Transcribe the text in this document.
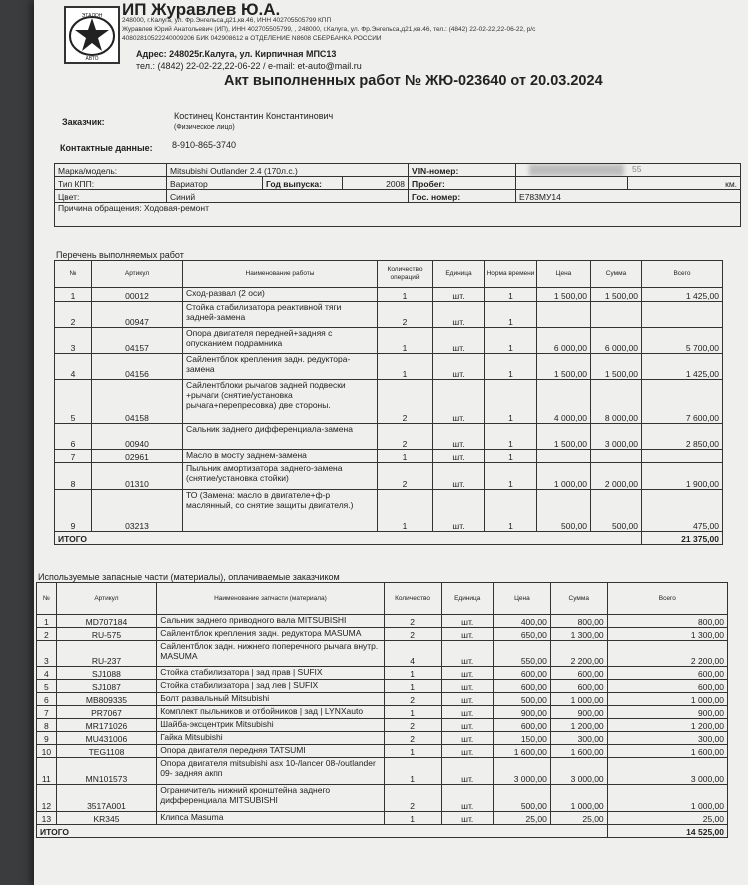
ЭТАЛОН
АВТО
ИП Журавлев Ю.А.
248000, г.Калуга, ул. Фр.Энгельса,д21,кв.46, ИНН 402705505799 КПП
Журавлев Юрий Анатольевич (ИП), ИНН 402705505799, , 248000, г.Калуга, ул. Фр.Энгельса,д21,кв.46, тел.: (4842) 22-02-22,22-06-22, р/с
40802810522240009206 БИК 042908612 в ОТДЕЛЕНИЕ N8608 СБЕРБАНКА РОССИИ
Адрес: 248025г.Калуга, ул. Кирпичная МПС13
тел.: (4842) 22-02-22,22-06-22 / e-mail: et-auto@mail.ru
Акт выполненных работ № ЖЮ-023640 от 20.03.2024
Заказчик:
Костинец Константин Константинович
(Физическое лицо)
Контактные данные: 8-910-865-3740
Марка/модель:	Mitsubishi Outlander 2.4 (170л.с.)			VIN-номер:	55	
Тип КПП:	Вариатор	Год выпуска:	2008	Пробег:		км.
Цвет:	Синий			Гос. номер:	Е783МУ14	
Причина обращения: Ходовая-ремонт						
Перечень выполняемых работ
№	Артикул	Наименование работы	Количество операций	Единица	Норма времени	Цена	Сумма	Всего
1	00012	Сход-развал (2 оси)	1	шт.	1	1 500,00	1 500,00	1 425,00
2	00947	Стойка стабилизатора реактивной тяги задней-замена	2	шт.	1			
3	04157	Опора двигателя передней+задняя с опусканием подрамника	1	шт.	1	6 000,00	6 000,00	5 700,00
4	04156	Сайлентблок крепления задн. редуктора-замена	1	шт.	1	1 500,00	1 500,00	1 425,00
5	04158	Сайлентблоки рычагов задней подвески +рычаги (снятие/установка рычага+перепресовка) две стороны.	2	шт.	1	4 000,00	8 000,00	7 600,00
6	00940	Сальник заднего дифференциала-замена	2	шт.	1	1 500,00	3 000,00	2 850,00
7	02961	Масло в мосту заднем-замена	1	шт.	1			
8	01310	Пыльник амортизатора заднего-замена (снятие/установка стойки)	2	шт.	1	1 000,00	2 000,00	1 900,00
9	03213	ТО (Замена: масло в двигателе+ф-р маслянный, со снятие защиты двигателя.)	1	шт.	1	500,00	500,00	475,00
ИТОГО								21 375,00
Используемые запасные части (материалы), оплачиваемые заказчиком
№	Артикул	Наименование запчасти (материала)	Количество	Единица	Цена	Сумма	Всего
1	MD707184	Сальник заднего приводного вала MITSUBISHI	2	шт.	400,00	800,00	800,00
2	RU-575	Сайлентблок крепления задн. редуктора MASUMA	2	шт.	650,00	1 300,00	1 300,00
3	RU-237	Сайлентблок задн. нижнего поперечного рычага внутр. MASUMA	4	шт.	550,00	2 200,00	2 200,00
4	SJ1088	Стойка стабилизатора | зад прав | SUFIX	1	шт.	600,00	600,00	600,00
5	SJ1087	Стойка стабилизатора | зад лев | SUFIX	1	шт.	600,00	600,00	600,00
6	MB809335	Болт развальный Mitsubishi	2	шт.	500,00	1 000,00	1 000,00
7	PR7067	Комплект пыльников и отбойников | зад | LYNXauto	1	шт.	900,00	900,00	900,00
8	MR171026	Шайба-эксцентрик Mitsubishi	2	шт.	600,00	1 200,00	1 200,00
9	MU431006	Гайка Mitsubishi	2	шт.	150,00	300,00	300,00
10	TEG1108	Опора двигателя передняя TATSUMI	1	шт.	1 600,00	1 600,00	1 600,00
11	MN101573	Опора двигателя mitsubishi asx 10-/lancer 08-/outlander 09- задняя акпп	1	шт.	3 000,00	3 000,00	3 000,00
12	3517A001	Ограничитель нижний кронштейна заднего дифференциала MITSUBISHI	2	шт.	500,00	1 000,00	1 000,00
13	KR345	Клипса Masuma	1	шт.	25,00	25,00	25,00
ИТОГО							14 525,00
